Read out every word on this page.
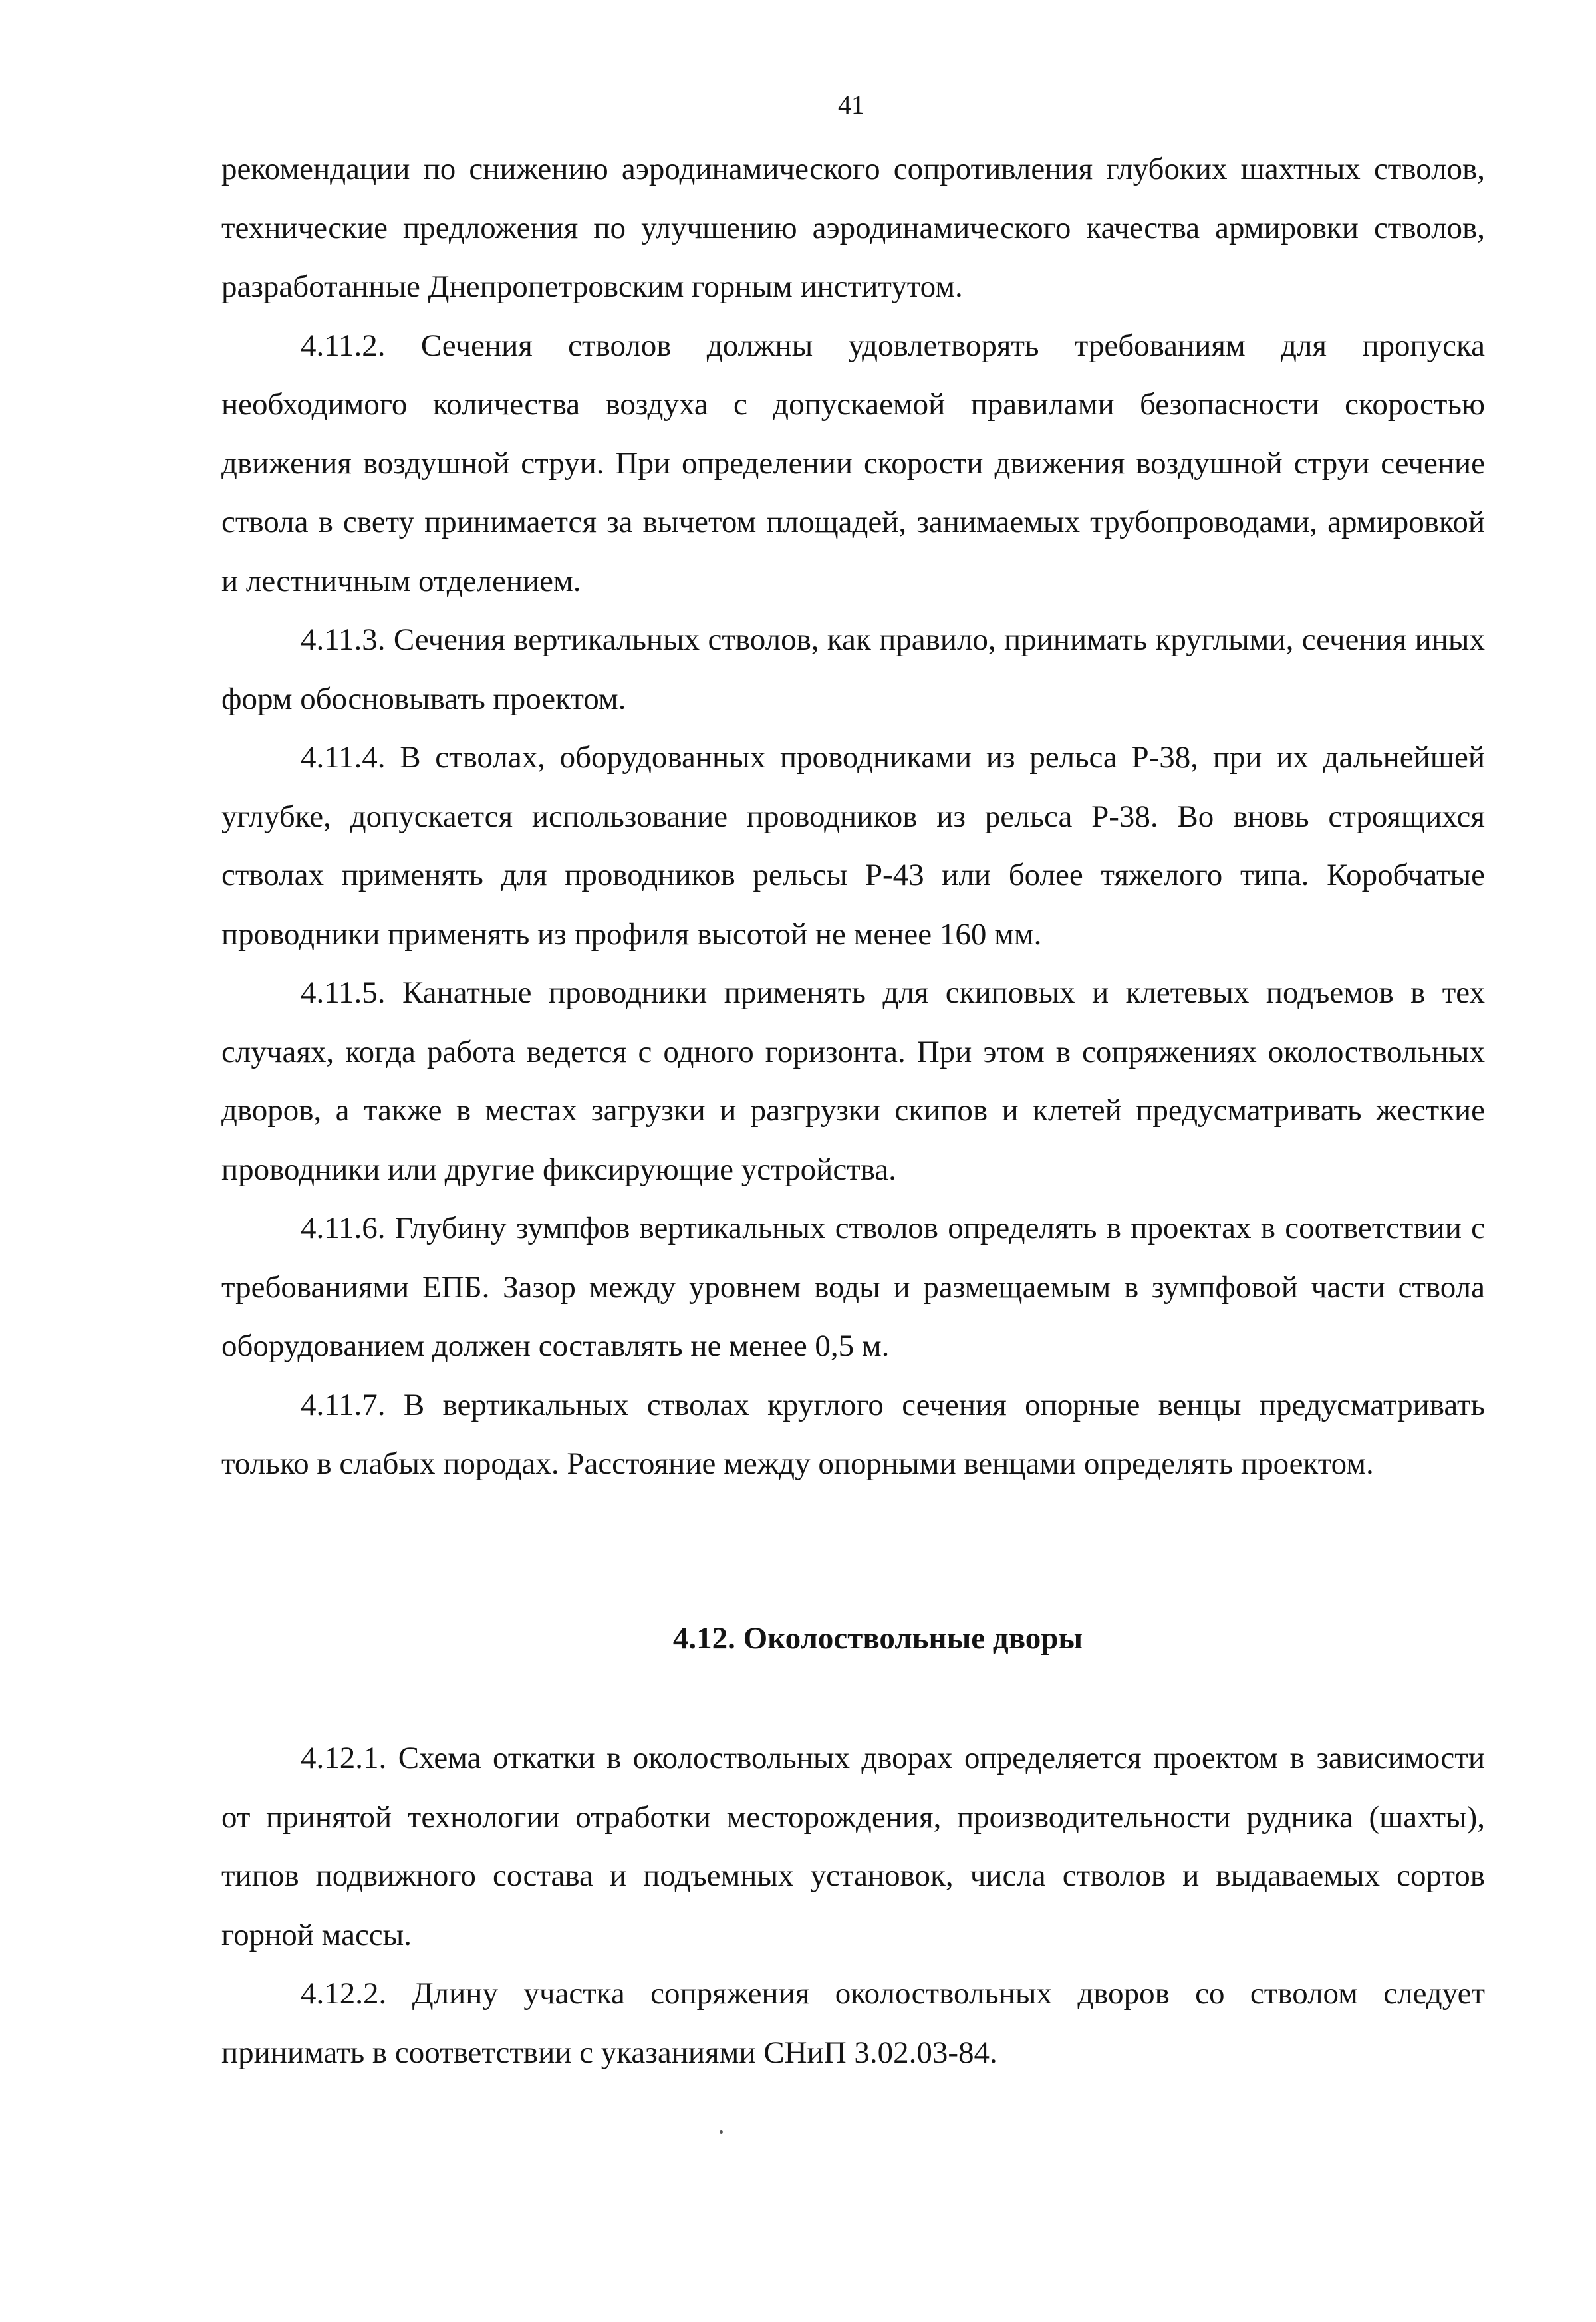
41

рекомендации по снижению аэродинамического сопротивления глубоких шахтных стволов, технические предложения по улучшению аэродинамического качества армировки стволов, разработанные Днепропетровским горным институтом.

4.11.2. Сечения стволов должны удовлетворять требованиям для пропуска необходимого количества воздуха с допускаемой правилами безопасности скоростью движения воздушной струи. При определении скорости движения воздушной струи сечение ствола в свету принимается за вычетом площадей, занимаемых трубопроводами, армировкой и лестничным отделением.

4.11.3. Сечения вертикальных стволов, как правило, принимать круглыми, сечения иных форм обосновывать проектом.

4.11.4. В стволах, оборудованных проводниками из рельса Р-38, при их дальнейшей углубке, допускается использование проводников из рельса Р-38. Во вновь строящихся стволах применять для проводников рельсы Р-43 или более тяжелого типа. Коробчатые проводники применять из профиля высотой не менее 160 мм.

4.11.5. Канатные проводники применять для скиповых и клетевых подъемов в тех случаях, когда работа ведется с одного горизонта. При этом в сопряжениях околоствольных дворов, а также в местах загрузки и разгрузки скипов и клетей предусматривать жесткие проводники или другие фиксирующие устройства.

4.11.6. Глубину зумпфов вертикальных стволов определять в проектах в соответствии с требованиями ЕПБ. Зазор между уровнем воды и размещаемым в зумпфовой части ствола оборудованием должен составлять не менее 0,5 м.

4.11.7. В вертикальных стволах круглого сечения опорные венцы предусматривать только в слабых породах. Расстояние между опорными венцами определять проектом.

4.12. Околоствольные дворы

4.12.1. Схема откатки в околоствольных дворах определяется проектом в зависимости от принятой технологии отработки месторождения, производительности рудника (шахты), типов подвижного состава и подъемных установок, числа стволов и выдаваемых сортов горной массы.

4.12.2. Длину участка сопряжения околоствольных дворов со стволом следует принимать в соответствии с указаниями СНиП 3.02.03-84.
